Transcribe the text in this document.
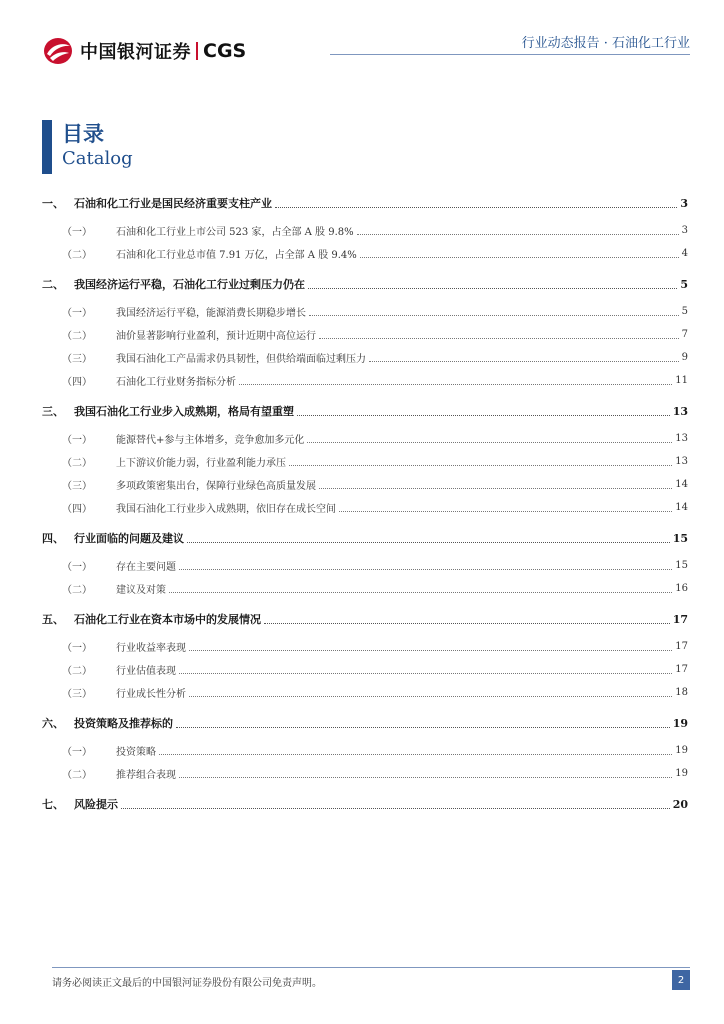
中国银河证券 CGS	行业动态报告 · 石油化工行业
目录
Catalog
一、 石油和化工行业是国民经济重要支柱产业	3
（一）	石油和化工行业上市公司 523 家，占全部 A 股 9.8%	3
（二）	石油和化工行业总市值 7.91 万亿，占全部 A 股 9.4%	4
二、 我国经济运行平稳，石油化工行业过剩压力仍在	5
（一）	我国经济运行平稳，能源消费长期稳步增长	5
（二）	油价显著影响行业盈利，预计近期中高位运行	7
（三）	我国石油化工产品需求仍具韧性，但供给端面临过剩压力	9
（四）	石油化工行业财务指标分析	11
三、 我国石油化工行业步入成熟期，格局有望重塑	13
（一）	能源替代+参与主体增多，竞争愈加多元化	13
（二）	上下游议价能力弱，行业盈利能力承压	13
（三）	多项政策密集出台，保障行业绿色高质量发展	14
（四）	我国石油化工行业步入成熟期，依旧存在成长空间	14
四、 行业面临的问题及建议	15
（一）	存在主要问题	15
（二）	建议及对策	16
五、 石油化工行业在资本市场中的发展情况	17
（一）	行业收益率表现	17
（二）	行业估值表现	17
（三）	行业成长性分析	18
六、 投资策略及推荐标的	19
（一）	投资策略	19
（二）	推荐组合表现	19
七、 风险提示	20
请务必阅读正文最后的中国银河证券股份有限公司免责声明。	2
